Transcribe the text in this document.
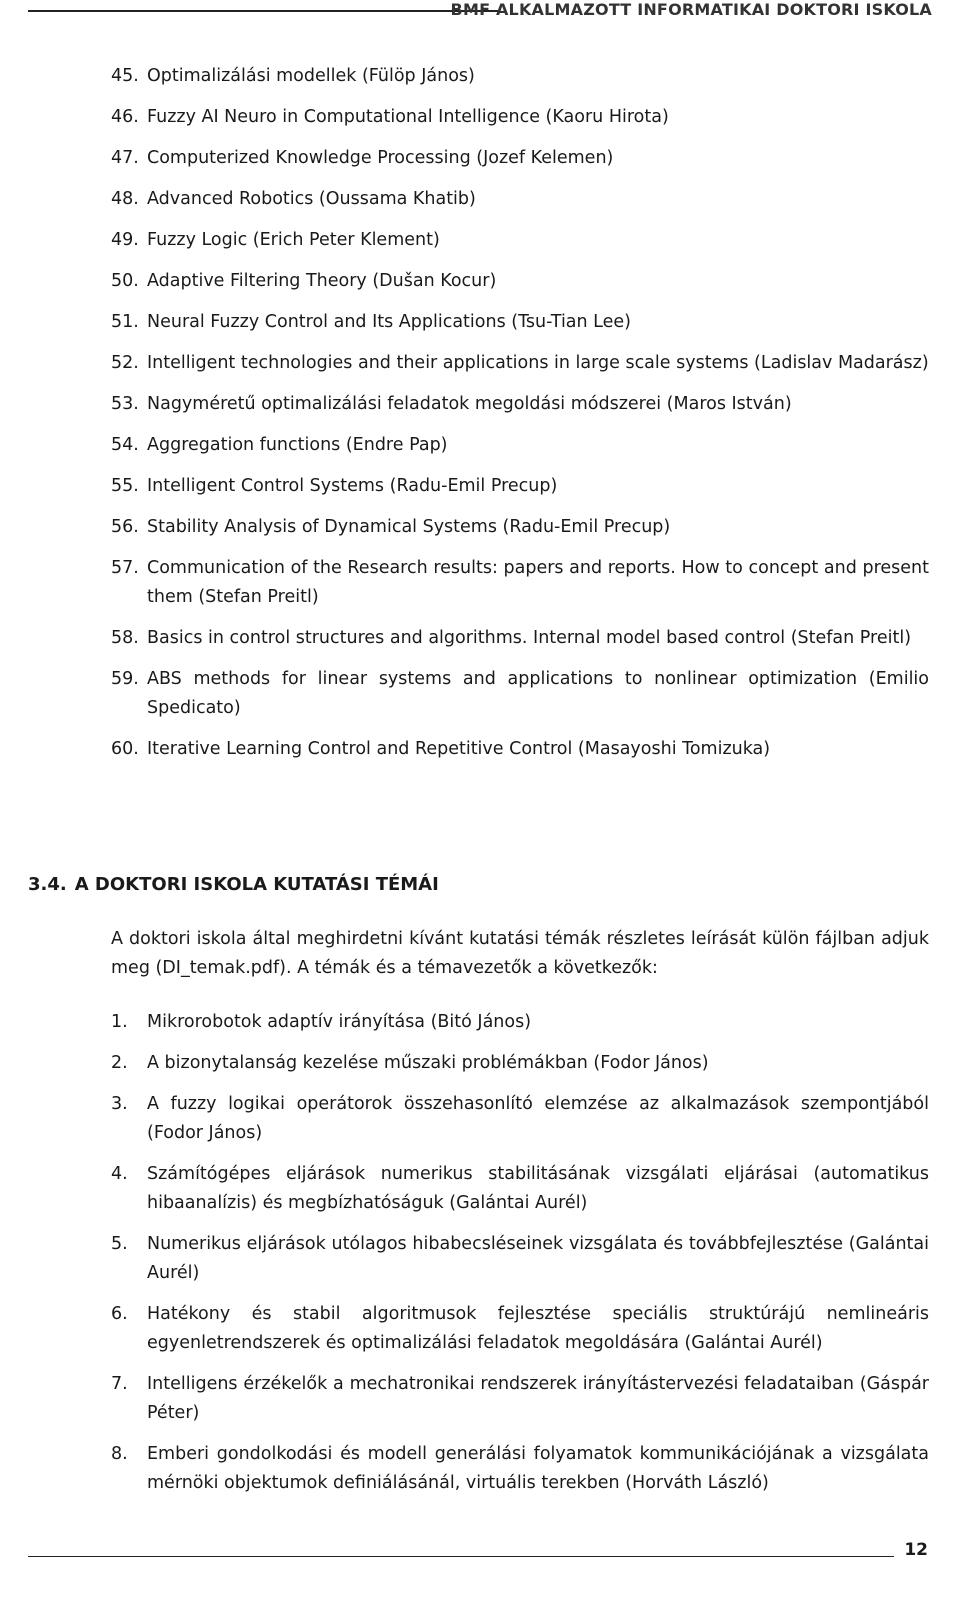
BMF ALKALMAZOTT INFORMATIKAI DOKTORI ISKOLA
45. Optimalizálási modellek (Fülöp János)
46. Fuzzy AI Neuro in Computational Intelligence (Kaoru Hirota)
47. Computerized Knowledge Processing (Jozef Kelemen)
48. Advanced Robotics (Oussama Khatib)
49. Fuzzy Logic (Erich Peter Klement)
50. Adaptive Filtering Theory (Dušan Kocur)
51. Neural Fuzzy Control and Its Applications (Tsu-Tian Lee)
52. Intelligent technologies and their applications in large scale systems (Ladislav Madarász)
53. Nagyméretű optimalizálási feladatok megoldási módszerei (Maros István)
54. Aggregation functions (Endre Pap)
55. Intelligent Control Systems (Radu-Emil Precup)
56. Stability Analysis of Dynamical Systems (Radu-Emil Precup)
57. Communication of the Research results: papers and reports. How to concept and present them (Stefan Preitl)
58. Basics in control structures and algorithms. Internal model based control (Stefan Preitl)
59. ABS methods for linear systems and applications to nonlinear optimization (Emilio Spedicato)
60. Iterative Learning Control and Repetitive Control (Masayoshi Tomizuka)
3.4. A DOKTORI ISKOLA KUTATÁSI TÉMÁI

A doktori iskola által meghirdetni kívánt kutatási témák részletes leírását külön fájlban adjuk meg (DI_temak.pdf). A témák és a témavezetők a következők:

1. Mikrorobotok adaptív irányítása (Bitó János)
2. A bizonytalanság kezelése műszaki problémákban (Fodor János)
3. A fuzzy logikai operátorok összehasonlító elemzése az alkalmazások szempontjából (Fodor János)
4. Számítógépes eljárások numerikus stabilitásának vizsgálati eljárásai (automatikus hibaanalízis) és megbízhatóságuk (Galántai Aurél)
5. Numerikus eljárások utólagos hibabecsléseinek vizsgálata és továbbfejlesztése (Galántai Aurél)
6. Hatékony és stabil algoritmusok fejlesztése speciális struktúrájú nemlineáris egyenletrendszerek és optimalizálási feladatok megoldására (Galántai Aurél)
7. Intelligens érzékelők a mechatronikai rendszerek irányítástervezési feladataiban (Gáspár Péter)
8. Emberi gondolkodási és modell generálási folyamatok kommunikációjának a vizsgálata mérnöki objektumok definiálásánál, virtuális terekben (Horváth László)
12
